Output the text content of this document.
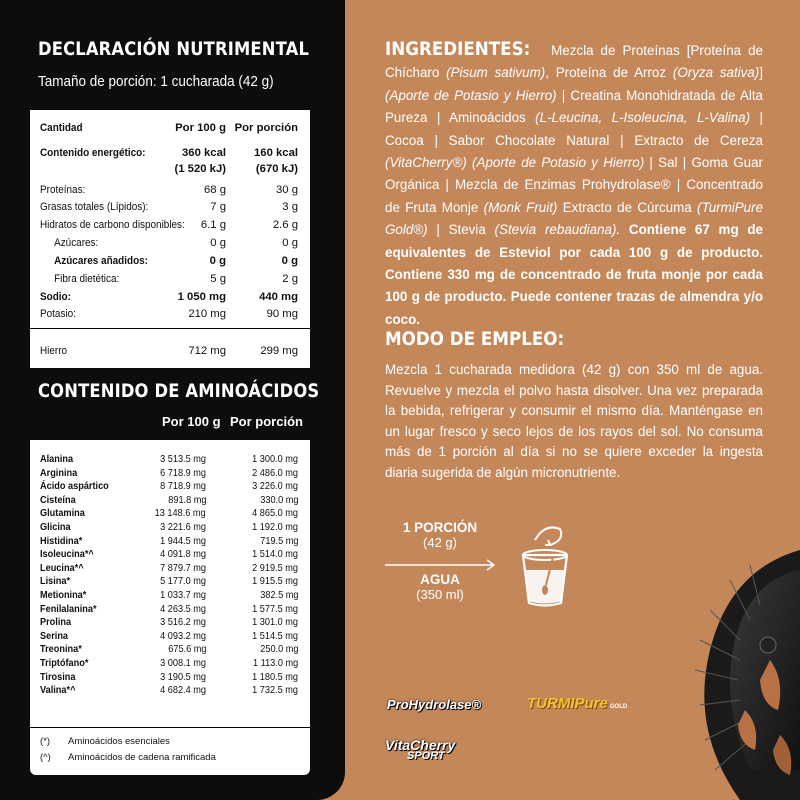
DECLARACIÓN NUTRIMENTAL
Tamaño de porción: 1 cucharada (42 g)
Cantidad	Por 100 g Por porción
Contenido energético:	360 kcal 160 kcal
(1 520 kJ)	(670 kJ)
Proteínas:	68 g	30 g
Grasas totales (Lípidos):	7 g	3 g
Hidratos de carbono disponibles: 6.1 g	2.6 g
Azúcares:	0 g	0 g
Azúcares añadidos:	0 g	0 g
Fibra dietética:	5 g	2 g
Sodio:	1 050 mg	440 mg
Potasio:	210 mg	90 mg
Hierro	712 mg	299 mg
CONTENIDO DE AMINOÁCIDOS
Por 100 g Por porción
Alanina	3 513.5 mg	1 300.0 mg
Arginina	6 718.9 mg	2 486.0 mg
Ácido aspártico	8 718.9 mg	3 226.0 mg
Cisteína	891.8 mg	330.0 mg
Glutamina	13 148.6 mg	4 865.0 mg
Glicina	3 221.6 mg	1 192.0 mg
Histidina*	1 944.5 mg	719.5 mg
Isoleucina*^	4 091.8 mg	1 514.0 mg
Leucina*^	7 879.7 mg	2 919.5 mg
Lisina*	5 177.0 mg	1 915.5 mg
Metionina*	1 033.7 mg	382.5 mg
Fenilalanina*	4 263.5 mg	1 577.5 mg
Prolina	3 516.2 mg	1 301.0 mg
Serina	4 093.2 mg	1 514.5 mg
Treonina*	675.6 mg	250.0 mg
Triptófano*	3 008.1 mg	1 113.0 mg
Tirosina	3 190.5 mg	1 180.5 mg
Valina*^	4 682.4 mg	1 732.5 mg
(*) Aminoácidos esenciales
(^) Aminoácidos de cadena ramificada
INGREDIENTES: Mezcla de Proteínas [Proteína de Chícharo (Pisum sativum), Proteína de Arroz (Oryza sativa)] (Aporte de Potasio y Hierro) | Creatina Monohidratada de Alta Pureza | Aminoácidos (L-Leucina, L-Isoleucina, L-Valina) | Cocoa | Sabor Chocolate Natural | Extracto de Cereza (VitaCherry®) (Aporte de Potasio y Hierro) | Sal | Goma Guar Orgánica | Mezcla de Enzimas Prohydrolase® | Concentrado de Fruta Monje (Monk Fruit) Extracto de Cúrcuma (TurmiPure Gold®) | Stevia (Stevia rebaudiana). Contiene 67 mg de equivalentes de Esteviol por cada 100 g de producto. Contiene 330 mg de concentrado de fruta monje por cada 100 g de producto. Puede contener trazas de almendra y/o coco.
MODO DE EMPLEO:
Mezcla 1 cucharada medidora (42 g) con 350 ml de agua. Revuelve y mezcla el polvo hasta disolver. Una vez preparada la bebida, refrigerar y consumir el mismo día. Manténgase en un lugar fresco y seco lejos de los rayos del sol. No consuma más de 1 porción al día si no se quiere exceder la ingesta diaria sugerida de algún micronutriente.
1 PORCIÓN
(42 g)
AGUA
(350 ml)
ProHydrolase®	TURMIPure GOLD
VitaCherry
SPORT
